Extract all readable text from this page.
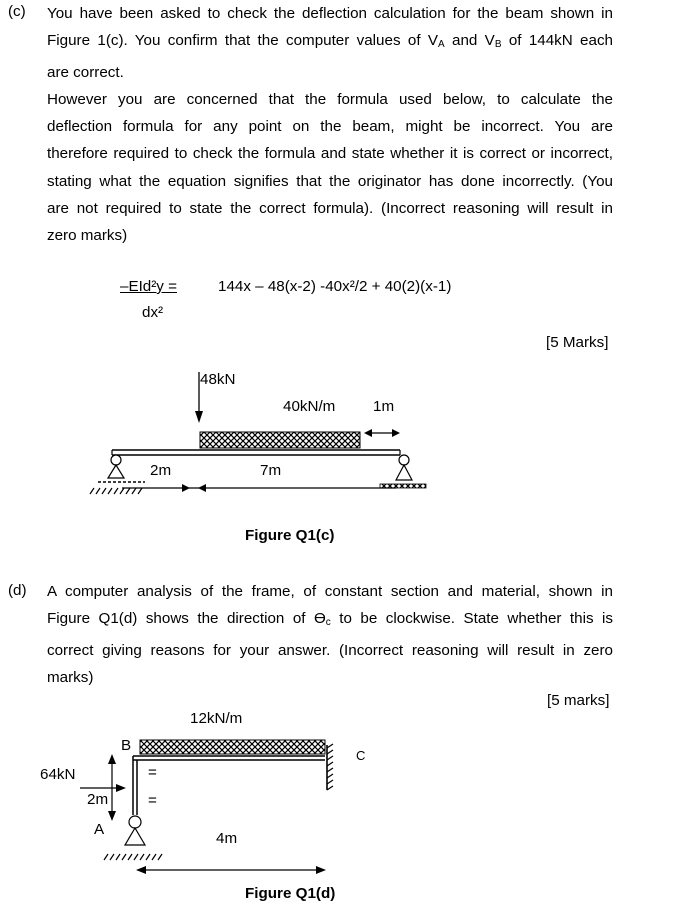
(c) You have been asked to check the deflection calculation for the beam shown in
Figure 1(c). You confirm that the computer values of $V_A$ and $V_B$ of 144kN each
are correct.
However you are concerned that the formula used below, to calculate the
deflection formula for any point on the beam, might be incorrect. You are
therefore required to check the formula and state whether it is correct or incorrect,
stating what the equation signifies that the originator has done incorrectly. (You
are not required to state the correct formula). (Incorrect reasoning will result in
zero marks)
–EId²y =
dx²
144x – 48(x-2) -40x²/2 + 40(2)(x-1)
[5 Marks]
48kN
40kN/m 1m
2m	7m
Figure Q1(c)
(d) A computer analysis of the frame, of constant section and material, shown in
Figure Q1(d) shows the direction of $ϴ_c$ to be clockwise. State whether this is
correct giving reasons for your answer. (Incorrect reasoning will result in zero
marks)
[5 marks]
12kN/m
B
C
64kN
2m
A
=
=
4m
Figure Q1(d)
